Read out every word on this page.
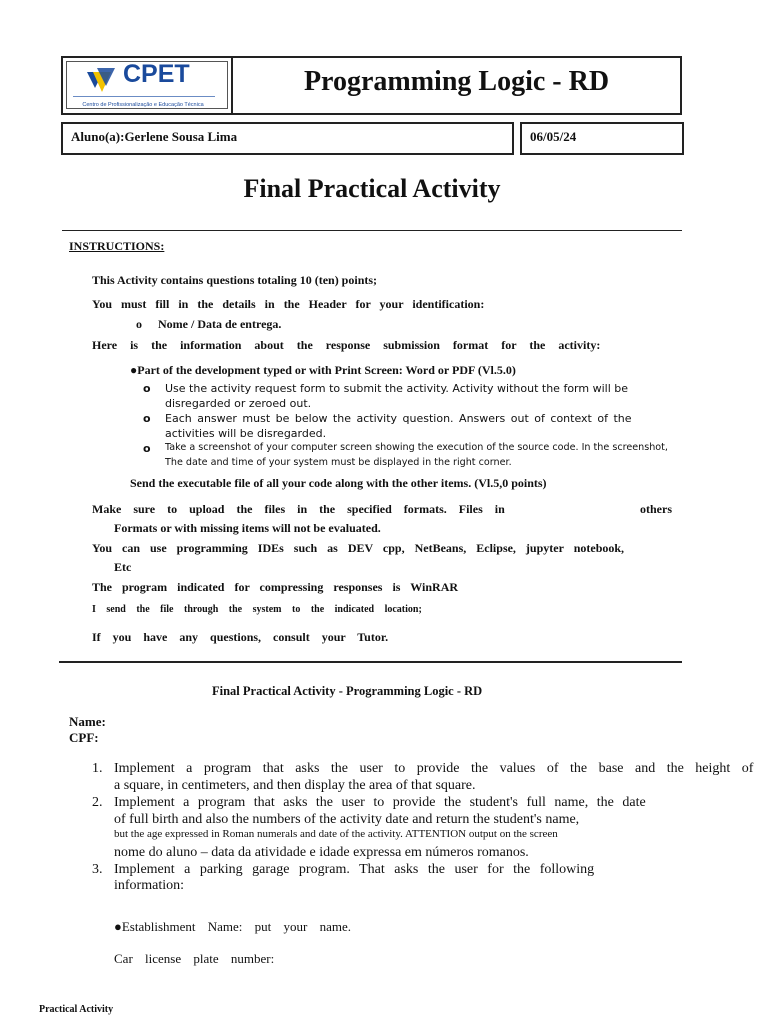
CPET
Centro de Profissionalização e Educação Técnica
Programming Logic - RD
Aluno(a):Gerlene Sousa Lima	06/05/24
Final Practical Activity
INSTRUCTIONS:
This Activity contains questions totaling 10 (ten) points;
You must fill in the details in the Header for your identification:
o Nome / Data de entrega.
Here is the information about the response submission format for the activity:
●Part of the development typed or with Print Screen: Word or PDF (Vl.5.0)
o Use the activity request form to submit the activity. Activity without the form will be
disregarded or zeroed out.
o Each answer must be below the activity question. Answers out of context of the
activities will be disregarded.
o Take a screenshot of your computer screen showing the execution of the source code. In the screenshot,
The date and time of your system must be displayed in the right corner.
Send the executable file of all your code along with the other items. (Vl.5,0 points)
Make sure to upload the files in the specified formats. Files in	others
Formats or with missing items will not be evaluated.
You can use programming IDEs such as DEV cpp, NetBeans, Eclipse, jupyter notebook,
Etc
The program indicated for compressing responses is WinRAR
I send the file through the system to the indicated location;
If you have any questions, consult your Tutor.
Final Practical Activity - Programming Logic - RD
Name:
CPF:
1. Implement a program that asks the user to provide the values of the base and the height of
a square, in centimeters, and then display the area of that square.
2. Implement a program that asks the user to provide the student's full name, the date
of full birth and also the numbers of the activity date and return the student's name,
but the age expressed in Roman numerals and date of the activity. ATTENTION output on the screen
nome do aluno – data da atividade e idade expressa em números romanos.
3. Implement a parking garage program. That asks the user for the following
information:
●Establishment Name: put your name.
Car license plate number:
Practical Activity
